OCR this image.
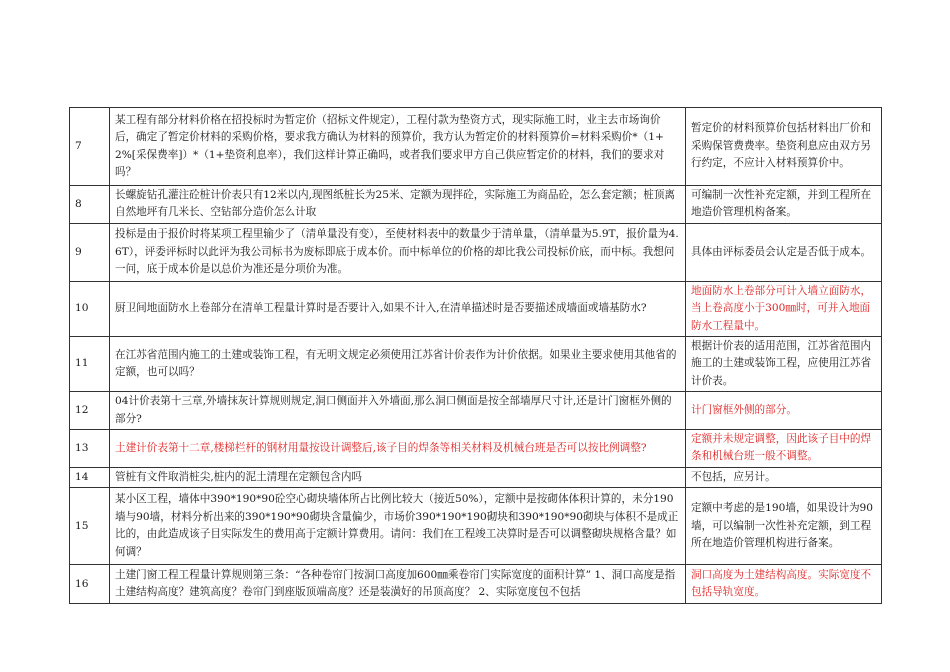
7	某工程有部分材料价格在招投标时为暂定价（招标文件规定），工程付款为垫资方式，现实际施工时，业主去市场询价后，确定了暂定价材料的采购价格，要求我方确认为材料的预算价，我方认为暂定价的材料预算价=材料采购价*（1+2%[采保费率]）*（1+垫资利息率），我们这样计算正确吗，或者我们要求甲方自己供应暂定价的材料，我们的要求对吗？	暂定价的材料预算价包括材料出厂价和采购保管费费率。垫资利息应由双方另行约定，不应计入材料预算价中。
8	长螺旋钻孔灌注砼桩计价表只有12米以内,现图纸桩长为25米、定额为现拌砼，实际施工为商品砼，怎么套定额；桩顶离自然地坪有几米长、空钻部分造价怎么计取	可编制一次性补充定额，并到工程所在地造价管理机构备案。
9	投标是由于报价时将某项工程里输少了（清单量没有变），至使材料表中的数量少于清单量，（清单量为5.9T，报价量为4.6T），评委评标时以此评为我公司标书为废标即底于成本价。而中标单位的价格的却比我公司投标价底，而中标。我想问一问，底于成本价是以总价为准还是分项价为准。	具体由评标委员会认定是否低于成本。
10	厨卫间地面防水上卷部分在清单工程量计算时是否要计入,如果不计入,在清单描述时是否要描述成墙面或墙基防水?	地面防水上卷部分可计入墙立面防水，当上卷高度小于300㎜时，可并入地面防水工程量中。
11	在江苏省范围内施工的土建或装饰工程，有无明文规定必须使用江苏省计价表作为计价依据。如果业主要求使用其他省的定额，也可以吗？	根据计价表的适用范围，江苏省范围内施工的土建或装饰工程，应使用江苏省计价表。
12	04计价表第十三章,外墙抹灰计算规则规定,洞口侧面并入外墙面,那么洞口侧面是按全部墙厚尺寸计,还是计门窗框外侧的部分?	计门窗框外侧的部分。
13	土建计价表第十二章,楼梯栏杆的钢材用量按设计调整后,该子目的焊条等相关材料及机械台班是否可以按比例调整?	定额并未规定调整，因此该子目中的焊条和机械台班一般不调整。
14	管桩有文件取消桩尖,桩内的泥土清理在定额包含内吗	不包括，应另计。
15	某小区工程，墙体中390*190*90砼空心砌块墙体所占比例比较大（接近50%），定额中是按砌体体积计算的，未分190墙与90墙，材料分析出来的390*190*90砌块含量偏少，市场价390*190*190砌块和390*190*90砌块与体积不是成正比的，由此造成该子目实际发生的费用高于定额计算费用。请问：我们在工程竣工决算时是否可以调整砌块规格含量？如何调？	定额中考虑的是190墙，如果设计为90墙，可以编制一次性补充定额，到工程所在地造价管理机构进行备案。
16	土建门窗工程工程量计算规则第三条：“各种卷帘门按洞口高度加600㎜乘卷帘门实际宽度的面积计算” 1、洞口高度是指土建结构高度？建筑高度？卷帘门到座版顶端高度？还是装潢好的吊顶高度？ 2、实际宽度包不包括	洞口高度为土建结构高度。实际宽度不包括导轨宽度。
